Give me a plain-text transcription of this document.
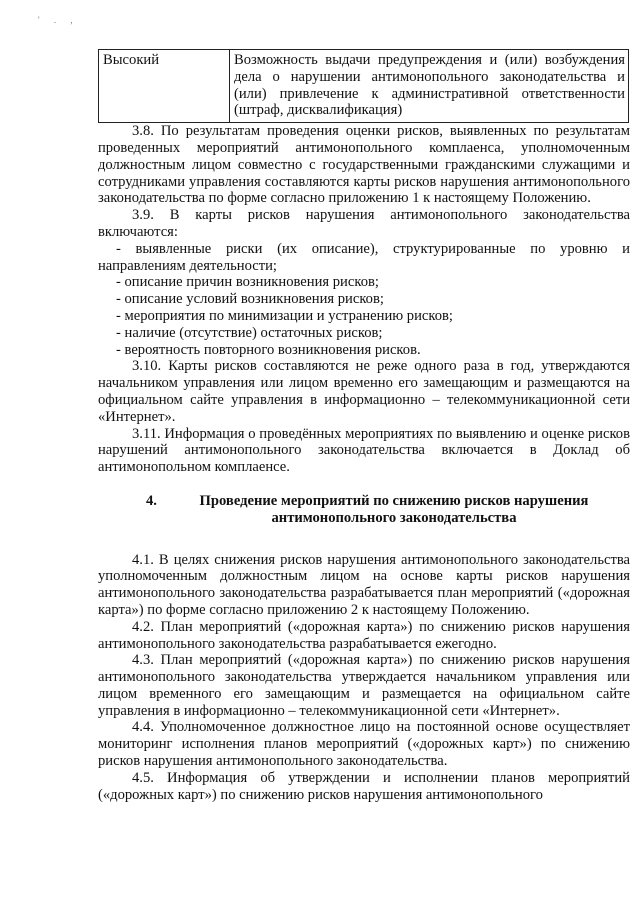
' . ,
Высокий	Возможность выдачи предупреждения и (или) возбуждения дела о нарушении антимонопольного законодательства и (или) привлечение к административной ответственности (штраф, дисквалификация)

3.8. По результатам проведения оценки рисков, выявленных по результатам проведенных мероприятий антимонопольного комплаенса, уполномоченным должностным лицом совместно с государственными гражданскими служащими и сотрудниками управления составляются карты рисков нарушения антимонопольного законодательства по форме согласно приложению 1 к настоящему Положению.

3.9. В карты рисков нарушения антимонопольного законодательства включаются:

- выявленные риски (их описание), структурированные по уровню и направлениям деятельности;

- описание причин возникновения рисков;

- описание условий возникновения рисков;

- мероприятия по минимизации и устранению рисков;

- наличие (отсутствие) остаточных рисков;

- вероятность повторного возникновения рисков.

3.10. Карты рисков составляются не реже одного раза в год, утверждаются начальником управления или лицом временно его замещающим и размещаются на официальном сайте управления в информационно – телекоммуникационной сети «Интернет».

3.11. Информация о проведённых мероприятиях по выявлению и оценке рисков нарушений антимонопольного законодательства включается в Доклад об антимонопольном комплаенсе.

4.	Проведение мероприятий по снижению рисков нарушения
антимонопольного законодательства

4.1. В целях снижения рисков нарушения антимонопольного законодательства уполномоченным должностным лицом на основе карты рисков нарушения антимонопольного законодательства разрабатывается план мероприятий («дорожная карта») по форме согласно приложению 2 к настоящему Положению.

4.2. План мероприятий («дорожная карта») по снижению рисков нарушения антимонопольного законодательства разрабатывается ежегодно.

4.3. План мероприятий («дорожная карта») по снижению рисков нарушения антимонопольного законодательства утверждается начальником управления или лицом временного его замещающим и размещается на официальном сайте управления в информационно – телекоммуникационной сети «Интернет».

4.4. Уполномоченное должностное лицо на постоянной основе осуществляет мониторинг исполнения планов мероприятий («дорожных карт») по снижению рисков нарушения антимонопольного законодательства.

4.5. Информация об утверждении и исполнении планов мероприятий («дорожных карт») по снижению рисков нарушения антимонопольного
